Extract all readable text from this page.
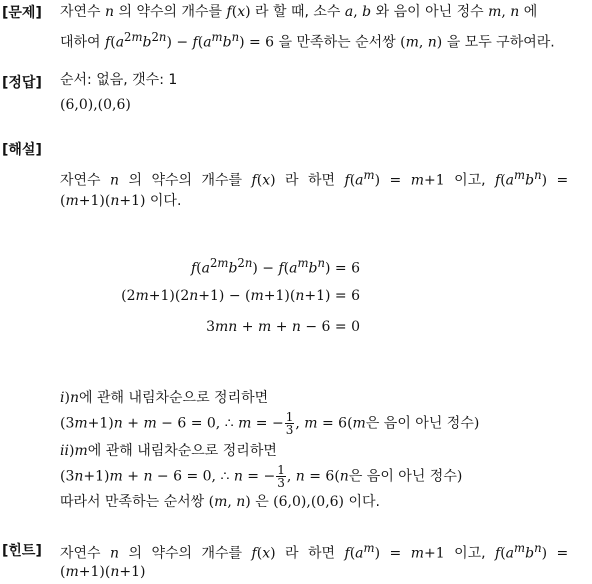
[문제] 자연수 n 의 약수의 개수를 f(x) 라 할 때, 소수 a, b 와 음이 아닌 정수 m, n 에
대하여 $f(a^{2m}b^{2n}) - f(a^mb^n) = 6$ 을 만족하는 순서쌍 (m, n) 을 모두 구하여라.
[정답] 순서: 없음, 갯수: 1
(6,0),(0,6)
[해설]
자연수 n 의 약수의 개수를 f(x) 라 하면 $f(a^m) = m+1$ 이고, $f(a^mb^n)$ =
(m+1)(n+1) 이다.
$f(a^{2m}b^{2n}) - f(a^mb^n) = 6$
(2m+1)(2n+1) − (m+1)(n+1) = 6
3mn + m + n − 6 = 0
i)n에 관해 내림차순으로 정리하면
(3m+1)n + m − 6 = 0, ∴ m = − $\frac{1}{3}$ , m = 6(m은 음이 아닌 정수)
ii)m에 관해 내림차순으로 정리하면
(3n+1)m + n − 6 = 0, ∴ n = − $\frac{1}{3}$ , n = 6(n은 음이 아닌 정수)
따라서 만족하는 순서쌍 (m, n) 은 (6,0),(0,6) 이다.
[힌트] 자연수 n 의 약수의 개수를 f(x) 라 하면 $f(a^m) = m+1$ 이고, $f(a^mb^n)$ =
(m+1)(n+1)
